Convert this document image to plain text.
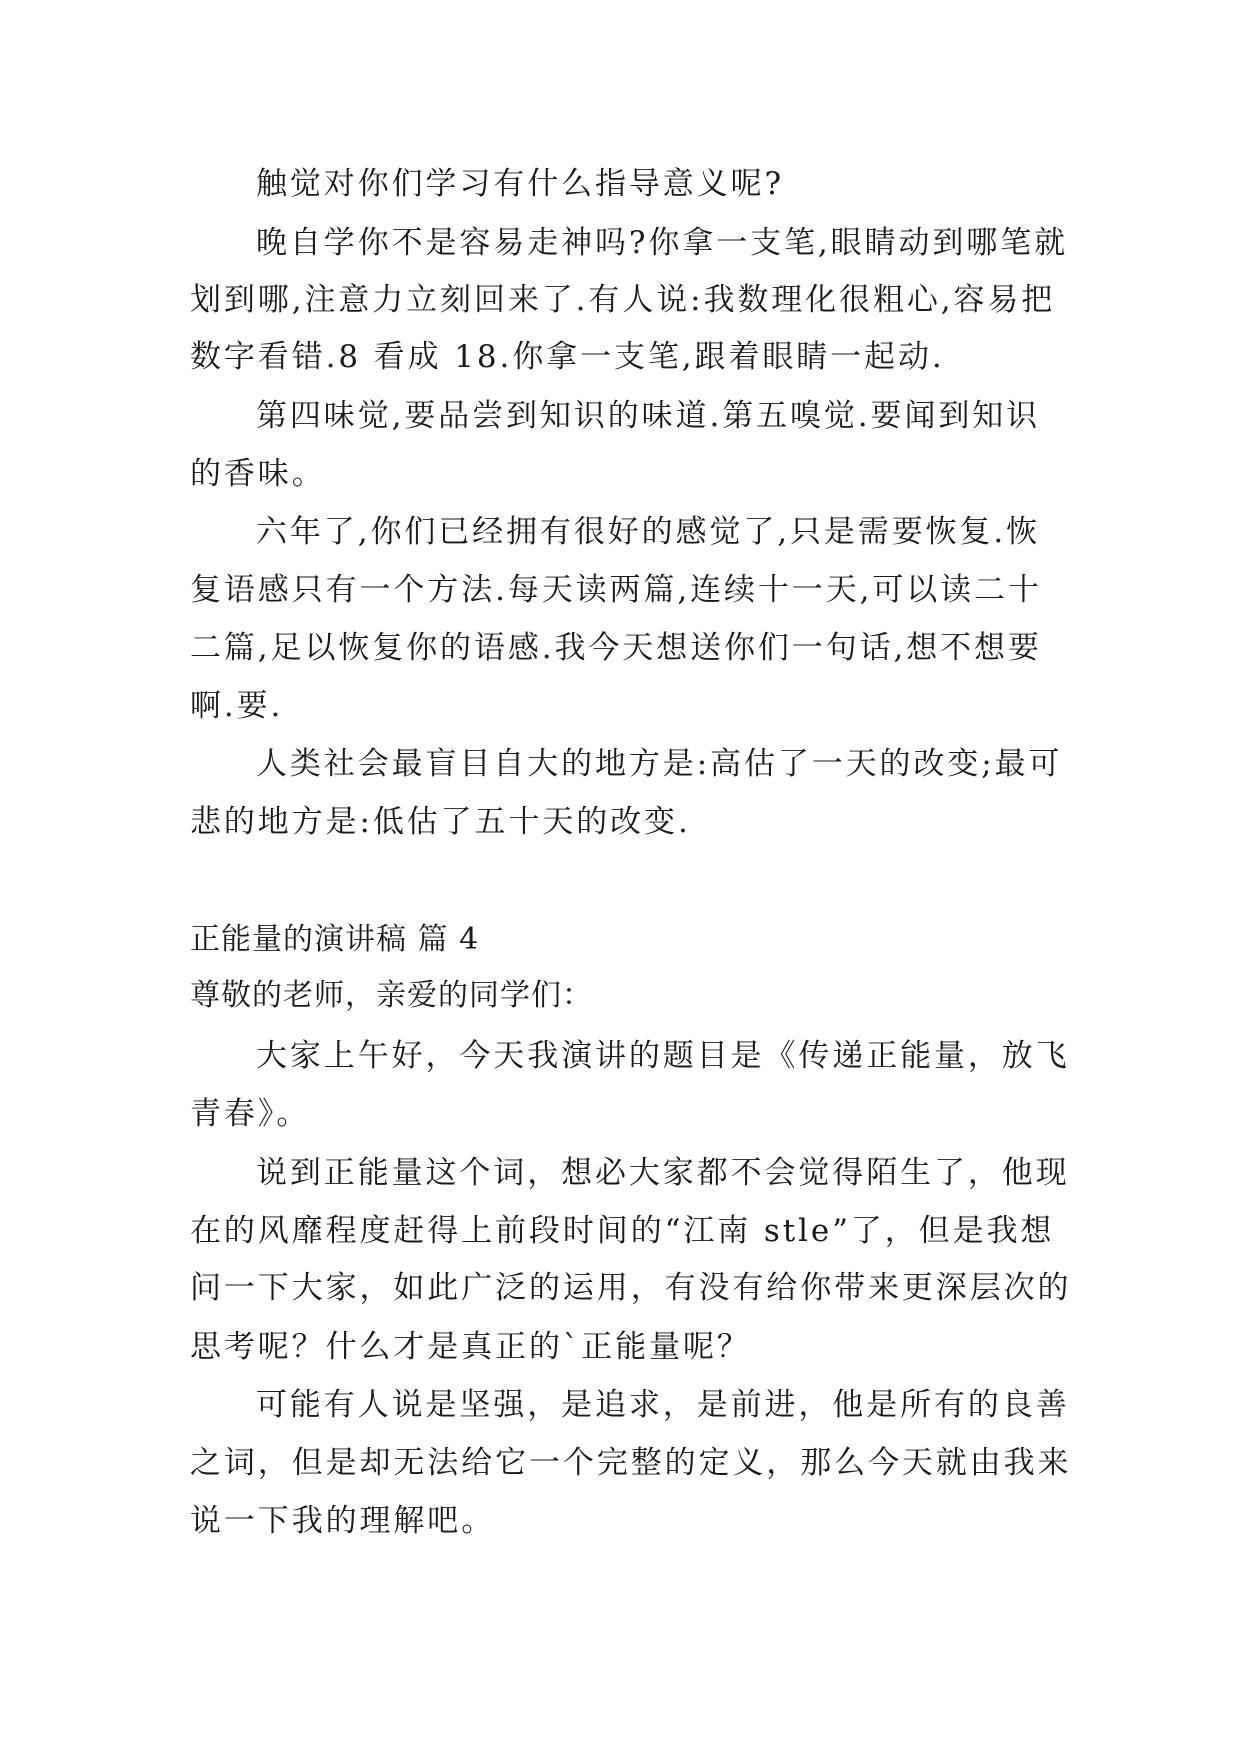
触觉对你们学习有什么指导意义呢?
晚自学你不是容易走神吗?你拿一支笔,眼睛动到哪笔就
划到哪,注意力立刻回来了.有人说:我数理化很粗心,容易把
数字看错.8 看成 18.你拿一支笔,跟着眼睛一起动.
第四味觉,要品尝到知识的味道.第五嗅觉.要闻到知识
的香味。
六年了,你们已经拥有很好的感觉了,只是需要恢复.恢
复语感只有一个方法.每天读两篇,连续十一天,可以读二十
二篇,足以恢复你的语感.我今天想送你们一句话,想不想要
啊.要.
人类社会最盲目自大的地方是:高估了一天的改变;最可
悲的地方是:低估了五十天的改变.
正能量的演讲稿 篇 4
尊敬的老师，亲爱的同学们：
大家上午好，今天我演讲的题目是《传递正能量，放飞
青春》。
说到正能量这个词，想必大家都不会觉得陌生了，他现
在的风靡程度赶得上前段时间的“江南 stle”了，但是我想
问一下大家，如此广泛的运用，有没有给你带来更深层次的
思考呢？什么才是真正的`正能量呢？
可能有人说是坚强，是追求，是前进，他是所有的良善
之词，但是却无法给它一个完整的定义，那么今天就由我来
说一下我的理解吧。
